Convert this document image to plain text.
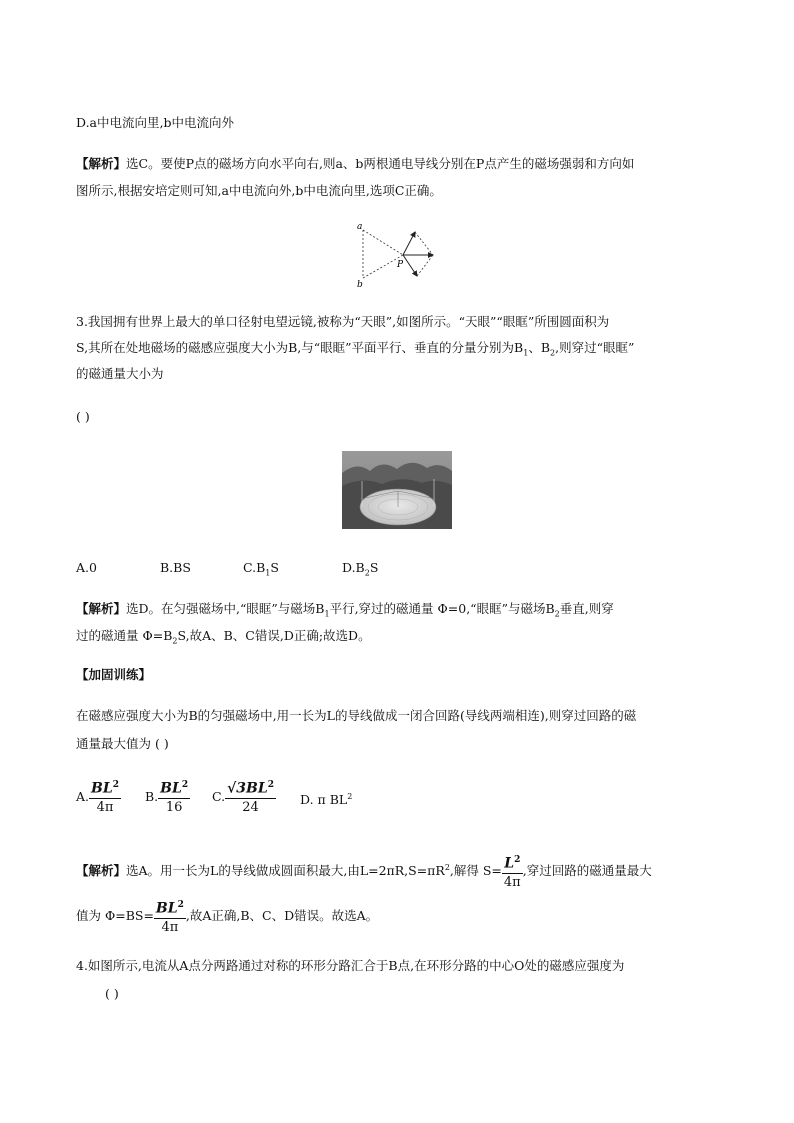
D.a中电流向里,b中电流向外
【解析】选C。要使P点的磁场方向水平向右,则a、b两根通电导线分别在P点产生的磁场强弱和方向如
图所示,根据安培定则可知,a中电流向外,b中电流向里,选项C正确。
a
b
P
3.我国拥有世界上最大的单口径射电望远镜,被称为“天眼”,如图所示。“天眼”“眼眶”所围圆面积为
S,其所在处地磁场的磁感应强度大小为B,与“眼眶”平面平行、垂直的分量分别为$B_1$、$B_2$,则穿过“眼眶”
的磁通量大小为
( )
A.0	B.BS	$C.B_1S$	$D.B_2S$
【解析】选D。在匀强磁场中,“眼眶”与磁场$B_1$平行,穿过的磁通量 Φ=0,“眼眶”与磁场$B_2$垂直,则穿
过的磁通量 $\Phi=B_2S$,故A、B、C错误,D正确;故选D。
【加固训练】
在磁感应强度大小为B的匀强磁场中,用一长为L的导线做成一闭合回路(导线两端相连),则穿过回路的磁
通量最大值为 ( )
A. $\frac{BL^2}{4\pi} B$. $\frac{BL^2}{16} C$. $\frac{√3BL^2}{24} D$. π $BL^2$
【解析】选A。用一长为L的导线做成圆面积最大,由$L=2\pi R,S=\pi R^2$,解得 $S= \frac{L^2}{4\pi}$ ,穿过回路的磁通量最大
值为 $\Phi=BS= \frac{BL^2}{4\pi}$ ,故A正确,B、C、D错误。故选A。
4.如图所示,电流从A点分两路通过对称的环形分路汇合于B点,在环形分路的中心O处的磁感应强度为
( )
